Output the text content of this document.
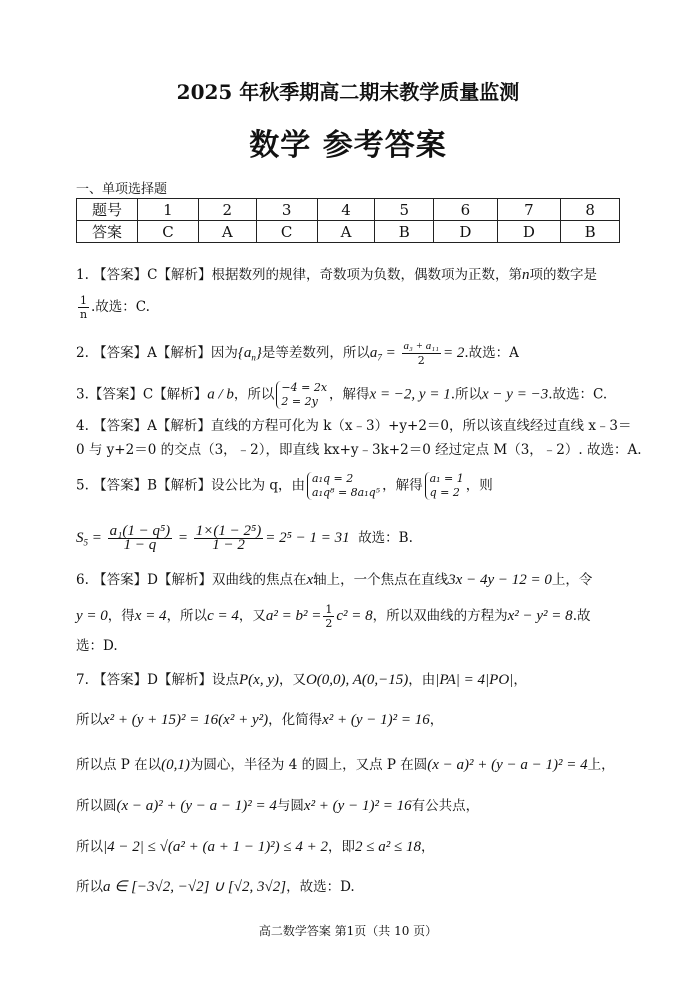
2025 年秋季期高二期末教学质量监测
数学 参考答案
一、单项选择题
题号	1	2	3	4	5	6	7	8
答案	C	A	C	A	B	D	D	B
1. 【答案】C【解析】根据数列的规律，奇数项为负数，偶数项为正数，第n项的数字是
$\frac{1}{n}$ .故选：C.
2. 【答案】A【解析】因为$\{a_n\}$是等差数列，所以$a_7 = \frac{\text{a₃ + a₁₁}}{2} = 2$.故选：A
3.【答案】C【解析】a / b，所以 −4 = 2x
2 = 2y ，解得x = −2, y = 1.所以x − y = −3.故选：C.
4. 【答案】A【解析】直线的方程可化为 k（x﹣3）+y+2＝0，所以该直线经过直线 x﹣3＝
0 与 y+2＝0 的交点（3，﹣2），即直线 kx+y﹣3k+2＝0 经过定点 M（3，﹣2）. 故选：A.
5. 【答案】B【解析】设公比为 q，由 a₁q = 2
a₁q⁸ = 8a₁q⁵ ，解得 a₁ = 1
q = 2 ，则
$S_5 = \frac{\text{a₁(1 − q⁵)}}{1 - q} = \frac{\text{1×(1 − 2⁵)}}{1 - 2} = 2^5 - 1 = 31$ 故选：B.
6. 【答案】D【解析】双曲线的焦点在x轴上，一个焦点在直线3x − 4y − 12 = 0上，令
y = 0，得x = 4，所以c = 4，又$a^2 = b^2 = \frac{1}{2} c^2 = 8$，所以双曲线的方程为x² − y² = 8.故
选：D.
7. 【答案】D【解析】设点P(x, y)，又O(0,0), A(0,−15)，由|PA| = 4|PO|，
所以x² + (y + 15)² = 16(x² + y²)，化简得x² + (y − 1)² = 16，
所以点 P 在以(0,1)为圆心，半径为 4 的圆上，又点 P 在圆(x − a)² + (y − a − 1)² = 4上，
所以圆(x − a)² + (y − a − 1)² = 4与圆x² + (y − 1)² = 16有公共点，
所以|4 − 2| ≤ √(a² + (a + 1 − 1)²) ≤ 4 + 2，即2 ≤ a² ≤ 18，
所以a ∈ [−3√2, −√2] ∪ [√2, 3√2]，故选：D.
高二数学答案 第1页（共 10 页）
